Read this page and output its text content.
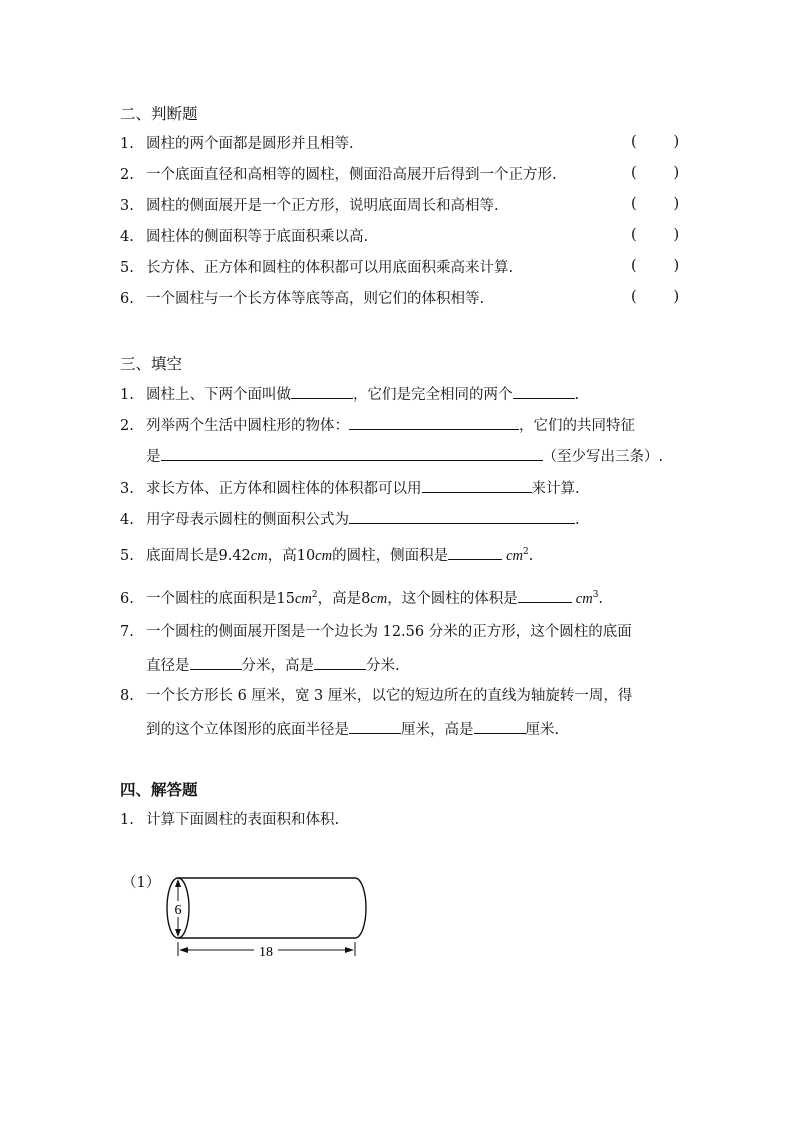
二、判断题
1. 圆柱的两个面都是圆形并且相等.	(        )
2. 一个底面直径和高相等的圆柱，侧面沿高展开后得到一个正方形.	(        )
3. 圆柱的侧面展开是一个正方形，说明底面周长和高相等.	(        )
4. 圆柱体的侧面积等于底面积乘以高.	(        )
5. 长方体、正方体和圆柱的体积都可以用底面积乘高来计算.	(        )
6. 一个圆柱与一个长方体等底等高，则它们的体积相等.	(        )
三、填空
1. 圆柱上、下两个面叫做	，它们是完全相同的两个	.
2. 列举两个生活中圆柱形的物体：	，它们的共同特征
是	（至少写出三条）.
3. 求长方体、正方体和圆柱体的体积都可以用	来计算.
4. 用字母表示圆柱的侧面积公式为	.
5. 底面周长是9.42cm，高10cm的圆柱，侧面积是	$cm^2$.
6. 一个圆柱的底面积是$15cm^2$，高是8cm，这个圆柱的体积是	$cm^3$.
7. 一个圆柱的侧面展开图是一个边长为 12.56 分米的正方形，这个圆柱的底面
直径是	分米，高是	分米.
8. 一个长方形长 6 厘米，宽 3 厘米，以它的短边所在的直线为轴旋转一周，得
到的这个立体图形的底面半径是	厘米，高是	厘米.
四、解答题
1. 计算下面圆柱的表面积和体积.
（1）
6
18
